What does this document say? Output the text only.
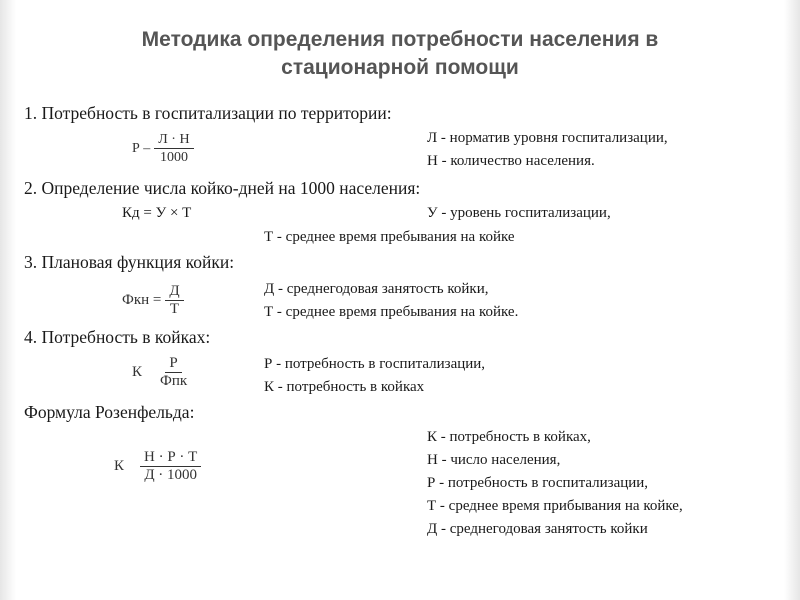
Методика определения потребности населения в
стационарной помощи
1. Потребность в госпитализации по территории:
Р – $\frac{Л \cdot Н}{1000}$	Л - норматив уровня госпитализации,
Н - количество населения.
2. Определение числа койко-дней на 1000 населения:
Кд = У × Т	У - уровень госпитализации,
Т - среднее время пребывания на койке
3. Плановая функция койки:
Фкн = $\frac{Д}{Т}$	Д - среднегодовая занятость койки,
Т - среднее время пребывания на койке.
4. Потребность в койках:
К $\frac{Р}{\text{Фпк}}$	Р - потребность в госпитализации,
К - потребность в койках
Формула Розенфельда:
К $\frac{Н \cdot Р \cdot Т}{Д \cdot 1000}$
К - потребность в койках,
Н - число населения,
Р - потребность в госпитализации,
Т - среднее время прибывания на койке,
Д - среднегодовая занятость койки
